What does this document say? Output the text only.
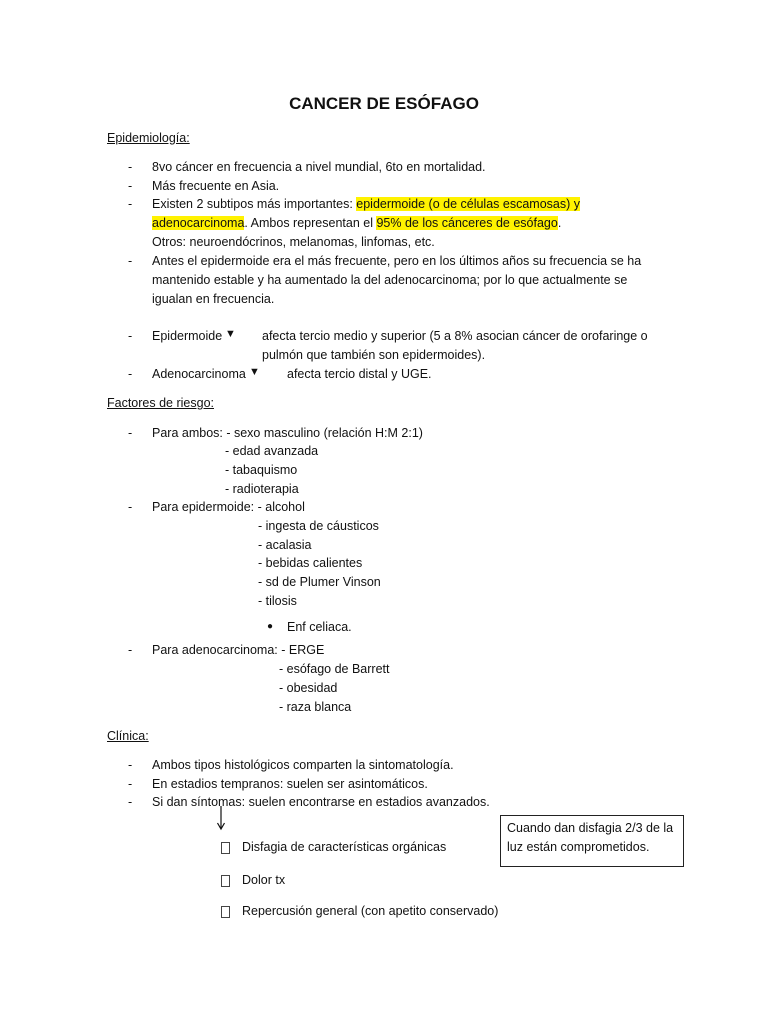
CANCER DE ESÓFAGO
Epidemiología:
- 8vo cáncer en frecuencia a nivel mundial, 6to en mortalidad.
- Más frecuente en Asia.
- Existen 2 subtipos más importantes: epidermoide (o de células escamosas) y
adenocarcinoma. Ambos representan el 95% de los cánceres de esófago.
Otros: neuroendócrinos, melanomas, linfomas, etc.
- Antes el epidermoide era el más frecuente, pero en los últimos años su frecuencia se ha
mantenido estable y ha aumentado la del adenocarcinoma; por lo que actualmente se
igualan en frecuencia.
- Epidermoide ▼ afecta tercio medio y superior (5 a 8% asocian cáncer de orofaringe o
pulmón que también son epidermoides).
- Adenocarcinoma ▼ afecta tercio distal y UGE.
Factores de riesgo:
- Para ambos: - sexo masculino (relación H:M 2:1)
- edad avanzada
- tabaquismo
- radioterapia
- Para epidermoide: - alcohol
- ingesta de cáusticos
- acalasia
- bebidas calientes
- sd de Plumer Vinson
- tilosis
● Enf celiaca.
- Para adenocarcinoma: - ERGE
- esófago de Barrett
- obesidad
- raza blanca
Clínica:
- Ambos tipos histológicos comparten la sintomatología.
- En estadios tempranos: suelen ser asintomáticos.
- Si dan síntomas: suelen encontrarse en estadios avanzados.
Disfagia de características orgánicas
Dolor tx
Repercusión general (con apetito conservado)
Cuando dan disfagia 2/3 de la luz están comprometidos.
